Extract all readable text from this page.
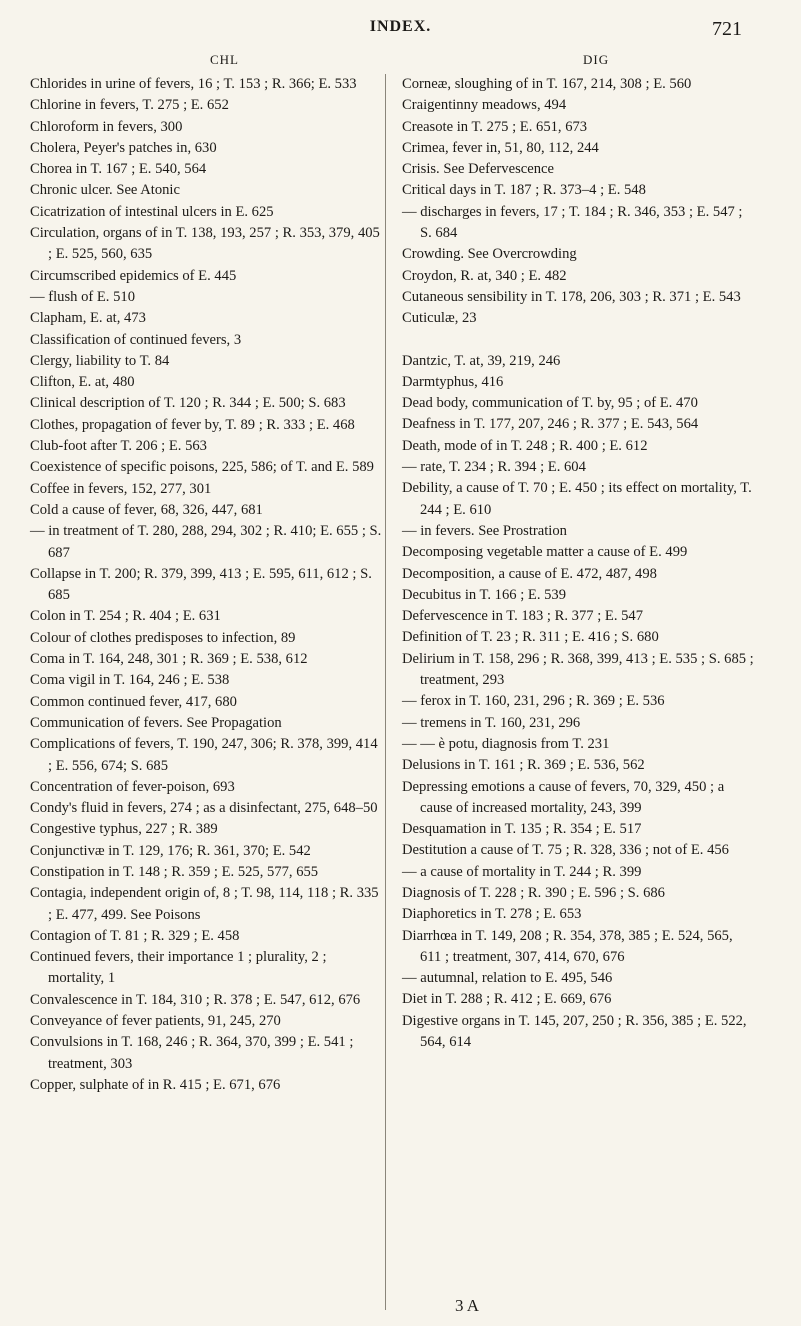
INDEX.	721
CHL	DIG

Chlorides in urine of fevers, 16 ; T. 153 ; R. 366; E. 533

Chlorine in fevers, T. 275 ; E. 652

Chloroform in fevers, 300

Cholera, Peyer's patches in, 630

Chorea in T. 167 ; E. 540, 564

Chronic ulcer. See Atonic

Cicatrization of intestinal ulcers in E. 625

Circulation, organs of in T. 138, 193, 257 ; R. 353, 379, 405 ; E. 525, 560, 635

Circumscribed epidemics of E. 445

— flush of E. 510

Clapham, E. at, 473

Classification of continued fevers, 3

Clergy, liability to T. 84

Clifton, E. at, 480

Clinical description of T. 120 ; R. 344 ; E. 500; S. 683

Clothes, propagation of fever by, T. 89 ; R. 333 ; E. 468

Club-foot after T. 206 ; E. 563

Coexistence of specific poisons, 225, 586; of T. and E. 589

Coffee in fevers, 152, 277, 301

Cold a cause of fever, 68, 326, 447, 681

— in treatment of T. 280, 288, 294, 302 ; R. 410; E. 655 ; S. 687

Collapse in T. 200; R. 379, 399, 413 ; E. 595, 611, 612 ; S. 685

Colon in T. 254 ; R. 404 ; E. 631

Colour of clothes predisposes to infection, 89

Coma in T. 164, 248, 301 ; R. 369 ; E. 538, 612

Coma vigil in T. 164, 246 ; E. 538

Common continued fever, 417, 680

Communication of fevers. See Propagation

Complications of fevers, T. 190, 247, 306; R. 378, 399, 414 ; E. 556, 674; S. 685

Concentration of fever-poison, 693

Condy's fluid in fevers, 274 ; as a disinfectant, 275, 648–50

Congestive typhus, 227 ; R. 389

Conjunctivæ in T. 129, 176; R. 361, 370; E. 542

Constipation in T. 148 ; R. 359 ; E. 525, 577, 655

Contagia, independent origin of, 8 ; T. 98, 114, 118 ; R. 335 ; E. 477, 499. See Poisons

Contagion of T. 81 ; R. 329 ; E. 458

Continued fevers, their importance 1 ; plurality, 2 ; mortality, 1

Convalescence in T. 184, 310 ; R. 378 ; E. 547, 612, 676

Conveyance of fever patients, 91, 245, 270

Convulsions in T. 168, 246 ; R. 364, 370, 399 ; E. 541 ; treatment, 303

Copper, sulphate of in R. 415 ; E. 671, 676

Corneæ, sloughing of in T. 167, 214, 308 ; E. 560

Craigentinny meadows, 494

Creasote in T. 275 ; E. 651, 673

Crimea, fever in, 51, 80, 112, 244

Crisis. See Defervescence

Critical days in T. 187 ; R. 373–4 ; E. 548

— discharges in fevers, 17 ; T. 184 ; R. 346, 353 ; E. 547 ; S. 684

Crowding. See Overcrowding

Croydon, R. at, 340 ; E. 482

Cutaneous sensibility in T. 178, 206, 303 ; R. 371 ; E. 543

Cuticulæ, 23

Dantzic, T. at, 39, 219, 246

Darmtyphus, 416

Dead body, communication of T. by, 95 ; of E. 470

Deafness in T. 177, 207, 246 ; R. 377 ; E. 543, 564

Death, mode of in T. 248 ; R. 400 ; E. 612

— rate, T. 234 ; R. 394 ; E. 604

Debility, a cause of T. 70 ; E. 450 ; its effect on mortality, T. 244 ; E. 610

— in fevers. See Prostration

Decomposing vegetable matter a cause of E. 499

Decomposition, a cause of E. 472, 487, 498

Decubitus in T. 166 ; E. 539

Defervescence in T. 183 ; R. 377 ; E. 547

Definition of T. 23 ; R. 311 ; E. 416 ; S. 680

Delirium in T. 158, 296 ; R. 368, 399, 413 ; E. 535 ; S. 685 ; treatment, 293

— ferox in T. 160, 231, 296 ; R. 369 ; E. 536

— tremens in T. 160, 231, 296

— — è potu, diagnosis from T. 231

Delusions in T. 161 ; R. 369 ; E. 536, 562

Depressing emotions a cause of fevers, 70, 329, 450 ; a cause of increased mortality, 243, 399

Desquamation in T. 135 ; R. 354 ; E. 517

Destitution a cause of T. 75 ; R. 328, 336 ; not of E. 456

— a cause of mortality in T. 244 ; R. 399

Diagnosis of T. 228 ; R. 390 ; E. 596 ; S. 686

Diaphoretics in T. 278 ; E. 653

Diarrhœa in T. 149, 208 ; R. 354, 378, 385 ; E. 524, 565, 611 ; treatment, 307, 414, 670, 676

— autumnal, relation to E. 495, 546

Diet in T. 288 ; R. 412 ; E. 669, 676

Digestive organs in T. 145, 207, 250 ; R. 356, 385 ; E. 522, 564, 614

3 A
